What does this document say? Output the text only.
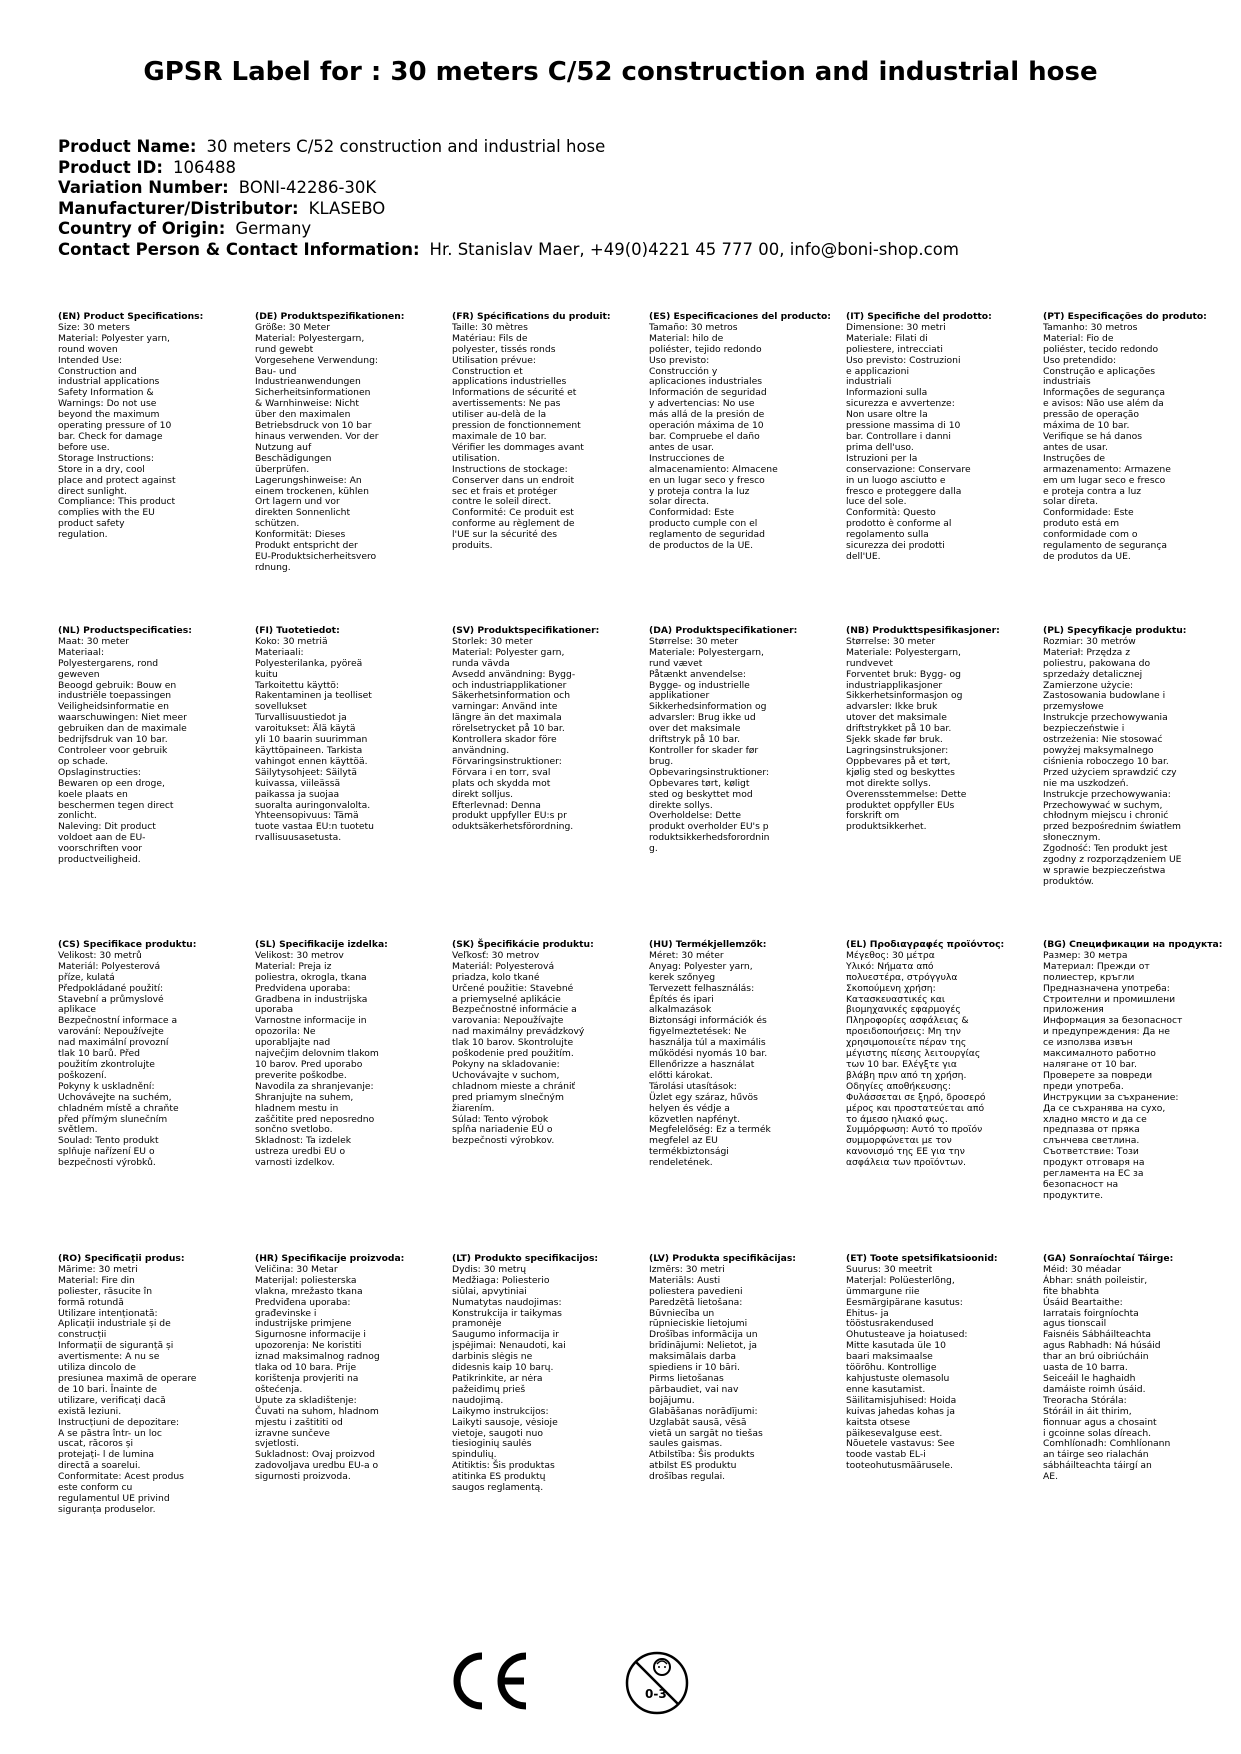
GPSR Label for : 30 meters C/52 construction and industrial hose
Product Name: 30 meters C/52 construction and industrial hose
Product ID: 106488
Variation Number: BONI-42286-30K
Manufacturer/Distributor: KLASEBO
Country of Origin: Germany
Contact Person & Contact Information: Hr. Stanislav Maer, +49(0)4221 45 777 00, info@boni-shop.com
(EN) Product Specifications:
Size: 30 meters
Material: Polyester yarn,
round woven
Intended Use:
Construction and
industrial applications
Safety Information &
Warnings: Do not use
beyond the maximum
operating pressure of 10
bar. Check for damage
before use.
Storage Instructions:
Store in a dry, cool
place and protect against
direct sunlight.
Compliance: This product
complies with the EU
product safety
regulation.
(DE) Produktspezifikationen:
Größe: 30 Meter
Material: Polyestergarn,
rund gewebt
Vorgesehene Verwendung:
Bau- und
Industrieanwendungen
Sicherheitsinformationen
& Warnhinweise: Nicht
über den maximalen
Betriebsdruck von 10 bar
hinaus verwenden. Vor der
Nutzung auf
Beschädigungen
überprüfen.
Lagerungshinweise: An
einem trockenen, kühlen
Ort lagern und vor
direkten Sonnenlicht
schützen.
Konformität: Dieses
Produkt entspricht der
EU-Produktsicherheitsvero
rdnung.
(FR) Spécifications du produit:
Taille: 30 mètres
Matériau: Fils de
polyester, tissés ronds
Utilisation prévue:
Construction et
applications industrielles
Informations de sécurité et
avertissements: Ne pas
utiliser au-delà de la
pression de fonctionnement
maximale de 10 bar.
Vérifier les dommages avant
utilisation.
Instructions de stockage:
Conserver dans un endroit
sec et frais et protéger
contre le soleil direct.
Conformité: Ce produit est
conforme au règlement de
l'UE sur la sécurité des
produits.
(ES) Especificaciones del producto:
Tamaño: 30 metros
Material: hilo de
poliéster, tejido redondo
Uso previsto:
Construcción y
aplicaciones industriales
Información de seguridad
y advertencias: No use
más allá de la presión de
operación máxima de 10
bar. Compruebe el daño
antes de usar.
Instrucciones de
almacenamiento: Almacene
en un lugar seco y fresco
y proteja contra la luz
solar directa.
Conformidad: Este
producto cumple con el
reglamento de seguridad
de productos de la UE.
(IT) Specifiche del prodotto:
Dimensione: 30 metri
Materiale: Filati di
poliestere, intrecciati
Uso previsto: Costruzioni
e applicazioni
industriali
Informazioni sulla
sicurezza e avvertenze:
Non usare oltre la
pressione massima di 10
bar. Controllare i danni
prima dell'uso.
Istruzioni per la
conservazione: Conservare
in un luogo asciutto e
fresco e proteggere dalla
luce del sole.
Conformità: Questo
prodotto è conforme al
regolamento sulla
sicurezza dei prodotti
dell'UE.
(PT) Especificações do produto:
Tamanho: 30 metros
Material: Fio de
poliéster, tecido redondo
Uso pretendido:
Construção e aplicações
industriais
Informações de segurança
e avisos: Não use além da
pressão de operação
máxima de 10 bar.
Verifique se há danos
antes de usar.
Instruções de
armazenamento: Armazene
em um lugar seco e fresco
e proteja contra a luz
solar direta.
Conformidade: Este
produto está em
conformidade com o
regulamento de segurança
de produtos da UE.
(NL) Productspecificaties:
Maat: 30 meter
Materiaal:
Polyestergarens, rond
geweven
Beoogd gebruik: Bouw en
industriële toepassingen
Veiligheidsinformatie en
waarschuwingen: Niet meer
gebruiken dan de maximale
bedrijfsdruk van 10 bar.
Controleer voor gebruik
op schade.
Opslaginstructies:
Bewaren op een droge,
koele plaats en
beschermen tegen direct
zonlicht.
Naleving: Dit product
voldoet aan de EU-
voorschriften voor
productveiligheid.
(FI) Tuotetiedot:
Koko: 30 metriä
Materiaali:
Polyesterilanka, pyöreä
kuitu
Tarkoitettu käyttö:
Rakentaminen ja teolliset
sovellukset
Turvallisuustiedot ja
varoitukset: Älä käytä
yli 10 baarin suurimman
käyttöpaineen. Tarkista
vahingot ennen käyttöä.
Säilytysohjeet: Säilytä
kuivassa, viileässä
paikassa ja suojaa
suoralta auringonvalolta.
Yhteensopivuus: Tämä
tuote vastaa EU:n tuotetu
rvallisuusasetusta.
(SV) Produktspecifikationer:
Storlek: 30 meter
Material: Polyester garn,
runda vävda
Avsedd användning: Bygg-
och industriapplikationer
Säkerhetsinformation och
varningar: Använd inte
längre än det maximala
rörelsetrycket på 10 bar.
Kontrollera skador före
användning.
Förvaringsinstruktioner:
Förvara i en torr, sval
plats och skydda mot
direkt solljus.
Efterlevnad: Denna
produkt uppfyller EU:s pr
oduktsäkerhetsförordning.
(DA) Produktspecifikationer:
Størrelse: 30 meter
Materiale: Polyestergarn,
rund vævet
Påtænkt anvendelse:
Bygge- og industrielle
applikationer
Sikkerhedsinformation og
advarsler: Brug ikke ud
over det maksimale
driftstryk på 10 bar.
Kontroller for skader før
brug.
Opbevaringsinstruktioner:
Opbevares tørt, køligt
sted og beskyttet mod
direkte sollys.
Overholdelse: Dette
produkt overholder EU's p
roduktsikkerhedsforordnin
g.
(NB) Produkttspesifikasjoner:
Størrelse: 30 meter
Materiale: Polyestergarn,
rundvevet
Forventet bruk: Bygg- og
industriapplikasjoner
Sikkerhetsinformasjon og
advarsler: Ikke bruk
utover det maksimale
driftstrykket på 10 bar.
Sjekk skade før bruk.
Lagringsinstruksjoner:
Oppbevares på et tørt,
kjølig sted og beskyttes
mot direkte sollys.
Overensstemmelse: Dette
produktet oppfyller EUs
forskrift om
produktsikkerhet.
(PL) Specyfikacje produktu:
Rozmiar: 30 metrów
Materiał: Przędza z
poliestru, pakowana do
sprzedaży detalicznej
Zamierzone użycie:
Zastosowania budowlane i
przemysłowe
Instrukcje przechowywania
bezpieczeństwie i
ostrzeżenia: Nie stosować
powyżej maksymalnego
ciśnienia roboczego 10 bar.
Przed użyciem sprawdzić czy
nie ma uszkodzeń.
Instrukcje przechowywania:
Przechowywać w suchym,
chłodnym miejscu i chronić
przed bezpośrednim światłem
słonecznym.
Zgodność: Ten produkt jest
zgodny z rozporządzeniem UE
w sprawie bezpieczeństwa
produktów.
(CS) Specifikace produktu:
Velikost: 30 metrů
Materiál: Polyesterová
příze, kulatá
Předpokládané použití:
Stavební a průmyslové
aplikace
Bezpečnostní informace a
varování: Nepoužívejte
nad maximální provozní
tlak 10 barů. Před
použitím zkontrolujte
poškození.
Pokyny k uskladnění:
Uchovávejte na suchém,
chladném místě a chraňte
před přímým slunečním
světlem.
Soulad: Tento produkt
splňuje nařízení EU o
bezpečnosti výrobků.
(SL) Specifikacije izdelka:
Velikost: 30 metrov
Material: Preja iz
poliestra, okrogla, tkana
Predvidena uporaba:
Gradbena in industrijska
uporaba
Varnostne informacije in
opozorila: Ne
uporabljajte nad
največjim delovnim tlakom
10 barov. Pred uporabo
preverite poškodbe.
Navodila za shranjevanje:
Shranjujte na suhem,
hladnem mestu in
zaščitite pred neposredno
sončno svetlobo.
Skladnost: Ta izdelek
ustreza uredbi EU o
varnosti izdelkov.
(SK) Špecifikácie produktu:
Veľkosť: 30 metrov
Materiál: Polyesterová
priadza, kolo tkané
Určené použitie: Stavebné
a priemyselné aplikácie
Bezpečnostné informácie a
varovania: Nepoužívajte
nad maximálny prevádzkový
tlak 10 barov. Skontrolujte
poškodenie pred použitím.
Pokyny na skladovanie:
Uchovávajte v suchom,
chladnom mieste a chrániť
pred priamym slnečným
žiarením.
Súlad: Tento výrobok
spĺňa nariadenie EÚ o
bezpečnosti výrobkov.
(HU) Termékjellemzők:
Méret: 30 méter
Anyag: Polyester yarn,
kerek szőnyeg
Tervezett felhasználás:
Építés és ipari
alkalmazások
Biztonsági információk és
figyelmeztetések: Ne
használja túl a maximális
működési nyomás 10 bar.
Ellenőrizze a használat
előtti károkat.
Tárolási utasítások:
Üzlet egy száraz, hűvös
helyen és védje a
közvetlen napfényt.
Megfelelőség: Ez a termék
megfelel az EU
termékbiztonsági
rendeletének.
(EL) Προδιαγραφές προϊόντος:
Μέγεθος: 30 μέτρα
Υλικό: Νήματα από
πολυεστέρα, στρόγγυλα
Σκοπούμενη χρήση:
Κατασκευαστικές και
βιομηχανικές εφαρμογές
Πληροφορίες ασφάλειας &
προειδοποιήσεις: Μη την
χρησιμοποιείτε πέραν της
μέγιστης πίεσης λειτουργίας
των 10 bar. Ελέγξτε για
βλάβη πριν από τη χρήση.
Οδηγίες αποθήκευσης:
Φυλάσσεται σε ξηρό, δροσερό
μέρος και προστατεύεται από
το άμεσο ηλιακό φως.
Συμμόρφωση: Αυτό το προϊόν
συμμορφώνεται με τον
κανονισμό της ΕΕ για την
ασφάλεια των προϊόντων.
(BG) Спецификации на продукта:
Размер: 30 метра
Материал: Прежди от
полиестер, кръгли
Предназначена употреба:
Строителни и промишлени
приложения
Информация за безопасност
и предупреждения: Да не
се използва извън
максималното работно
налягане от 10 bar.
Проверете за повреди
преди употреба.
Инструкции за съхранение:
Да се съхранява на сухо,
хладно място и да се
предпазва от пряка
слънчева светлина.
Съответствие: Този
продукт отговаря на
регламента на ЕС за
безопасност на
продуктите.
(RO) Specificații produs:
Mărime: 30 metri
Material: Fire din
poliester, răsucite în
formă rotundă
Utilizare intenționată:
Aplicații industriale și de
construcții
Informații de siguranță și
avertismente: A nu se
utiliza dincolo de
presiunea maximă de operare
de 10 bari. Înainte de
utilizare, verificați dacă
există leziuni.
Instrucțiuni de depozitare:
A se păstra într- un loc
uscat, răcoros și
protejați- l de lumina
directă a soarelui.
Conformitate: Acest produs
este conform cu
regulamentul UE privind
siguranța produselor.
(HR) Specifikacije proizvoda:
Veličina: 30 Metar
Materijal: poliesterska
vlakna, mrežasto tkana
Predviđena uporaba:
građevinske i
industrijske primjene
Sigurnosne informacije i
upozorenja: Ne koristiti
iznad maksimalnog radnog
tlaka od 10 bara. Prije
korištenja provjeriti na
oštećenja.
Upute za skladištenje:
Čuvati na suhom, hladnom
mjestu i zaštititi od
izravne sunčeve
svjetlosti.
Sukladnost: Ovaj proizvod
zadovoljava uredbu EU-a o
sigurnosti proizvoda.
(LT) Produkto specifikacijos:
Dydis: 30 metrų
Medžiaga: Poliesterio
siūlai, apvytiniai
Numatytas naudojimas:
Konstrukcija ir taikymas
pramonėje
Saugumo informacija ir
įspėjimai: Nenaudoti, kai
darbinis slėgis ne
didesnis kaip 10 barų.
Patikrinkite, ar nėra
pažeidimų prieš
naudojimą.
Laikymo instrukcijos:
Laikyti sausoje, vėsioje
vietoje, saugoti nuo
tiesioginių saulės
spindulių.
Atitiktis: Šis produktas
atitinka ES produktų
saugos reglamentą.
(LV) Produkta specifikācijas:
Izmērs: 30 metri
Materiāls: Austi
poliestera pavedieni
Paredzētā lietošana:
Būvniecība un
rūpnieciskie lietojumi
Drošības informācija un
brīdinājumi: Nelietot, ja
maksimālais darba
spiediens ir 10 bāri.
Pirms lietošanas
pārbaudiet, vai nav
bojājumu.
Glabāšanas norādījumi:
Uzglabāt sausā, vēsā
vietā un sargāt no tiešas
saules gaismas.
Atbilstība: Šis produkts
atbilst ES produktu
drošības regulai.
(ET) Toote spetsifikatsioonid:
Suurus: 30 meetrit
Materjal: Polüesterlõng,
ümmargune riie
Eesmärgipärane kasutus:
Ehitus- ja
tööstusrakendused
Ohutusteave ja hoiatused:
Mitte kasutada üle 10
baari maksimaalse
töörõhu. Kontrollige
kahjustuste olemasolu
enne kasutamist.
Säilitamisjuhised: Hoida
kuivas jahedas kohas ja
kaitsta otsese
päikesevalguse eest.
Nõuetele vastavus: See
toode vastab EL-i
tooteohutusmäärusele.
(GA) Sonraíochtaí Táirge:
Méid: 30 méadar
Ábhar: snáth poileistir,
fite bhabhta
Úsáid Beartaithe:
Iarratais foirgníochta
agus tionscail
Faisnéis Sábháilteachta
agus Rabhadh: Ná húsáid
thar an brú oibriúcháin
uasta de 10 barra.
Seiceáil le haghaidh
damáiste roimh úsáid.
Treoracha Stórála:
Stóráil in áit thirim,
fionnuar agus a chosaint
i gcoinne solas díreach.
Comhlíonadh: Comhlíonann
an táirge seo rialachán
sábháilteachta táirgí an
AE.
0-3
